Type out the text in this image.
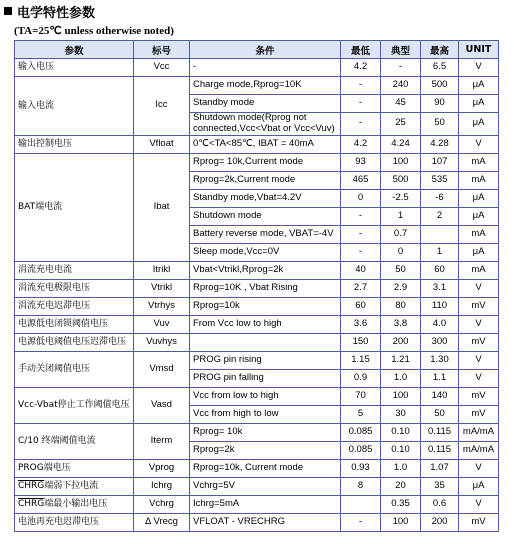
电学特性参数
(TA=25℃ unless otherwise noted)
参数	标号	条件	最低	典型	最高	UNIT
输入电压	Vcc	-	4.2	-	6.5	V
输入电流	Icc	Charge mode,Rprog=10K	-	240	500	μA
		Standby mode	-	45	90	μA
		Shutdown mode(Rprog not connected,Vcc<Vbat or Vcc<Vuv)	-	25	50	μA
输出控制电压	Vfloat	0℃<TA<85℃, IBAT = 40mA	4.2	4.24	4.28	V
BAT端电流	Ibat	Rprog= 10k,Current mode	93	100	107	mA
		Rprog=2k,Current mode	465	500	535	mA
		Standby mode,Vbat=4.2V	0	-2.5	-6	μA
		Shutdown mode	-	1	2	μA
		Battery reverse mode, VBAT=-4V	-	0.7		mA
		Sleep mode,Vcc=0V	-	0	1	μA
涓流充电电流	Itrikl	Vbat<Vtrikl,Rprog=2k	40	50	60	mA
涓流充电极限电压	Vtrikl	Rprog=10K , Vbat Rising	2.7	2.9	3.1	V
涓流充电迟滞电压	Vtrhys	Rprog=10k	60	80	110	mV
电源低电闭锁阈值电压	Vuv	From Vcc low to high	3.6	3.8	4.0	V
电源低电阈值电压迟滞电压	Vuvhys		150	200	300	mV
手动关闭阈值电压	Vmsd	PROG pin rising	1.15	1.21	1.30	V
		PROG pin falling	0.9	1.0	1.1	V
Vcc-Vbat停止工作阈值电压	Vasd	Vcc from low to high	70	100	140	mV
		Vcc from high to low	5	30	50	mV
C/10 终端阈值电流	Iterm	Rprog= 10k	0.085	0.10	0.115	mA/mA
		Rprog=2k	0.085	0.10	0.115	mA/mA
PROG端电压	Vprog	Rprog=10k, Current mode	0.93	1.0	1.07	V
CHRG端弱下拉电流	Ichrg	Vchrg=5V	8	20	35	μA
CHRG端最小输出电压	Vchrg	Ichrg=5mA		0.35	0.6	V
电池再充电迟滞电压	Δ Vrecg	VFLOAT - VRECHRG	-	100	200	mV
